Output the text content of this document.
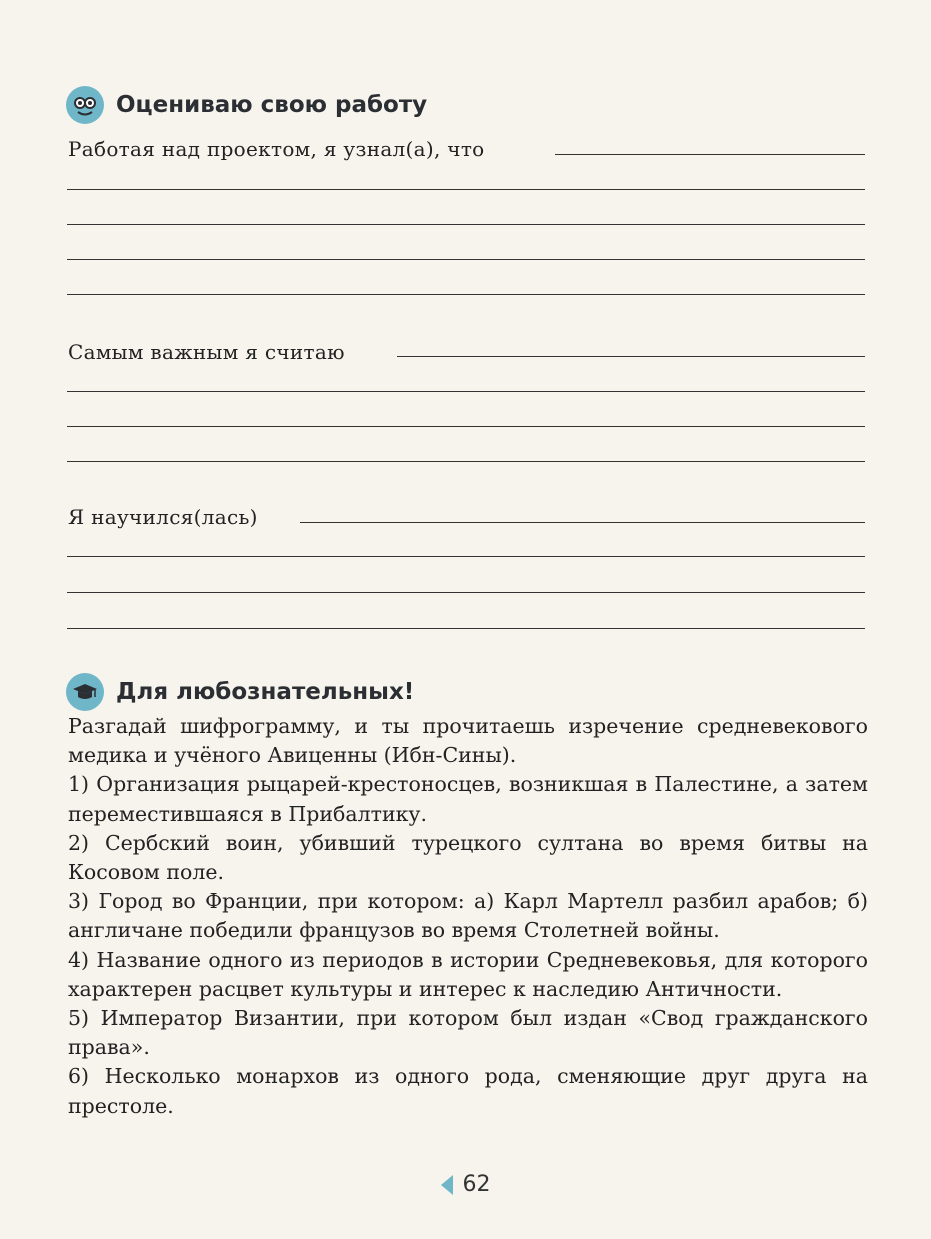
Оцениваю свою работу
Работая над проектом, я узнал(а), что
Самым важным я считаю
Я научился(лась)
Для любознательных!

Разгадай шифрограмму, и ты прочитаешь изречение средневекового медика и учёного Авиценны (Ибн-Сины).

1) Организация рыцарей-крестоносцев, возникшая в Палестине, а затем переместившаяся в Прибалтику.

2) Сербский воин, убивший турецкого султана во время битвы на Косовом поле.

3) Город во Франции, при котором: а) Карл Мартелл разбил арабов; б) англичане победили французов во время Столетней войны.

4) Название одного из периодов в истории Средневековья, для которого характерен расцвет культуры и интерес к наследию Античности.

5) Император Византии, при котором был издан «Свод гражданского права».

6) Несколько монархов из одного рода, сменяющие друг друга на престоле.

62
